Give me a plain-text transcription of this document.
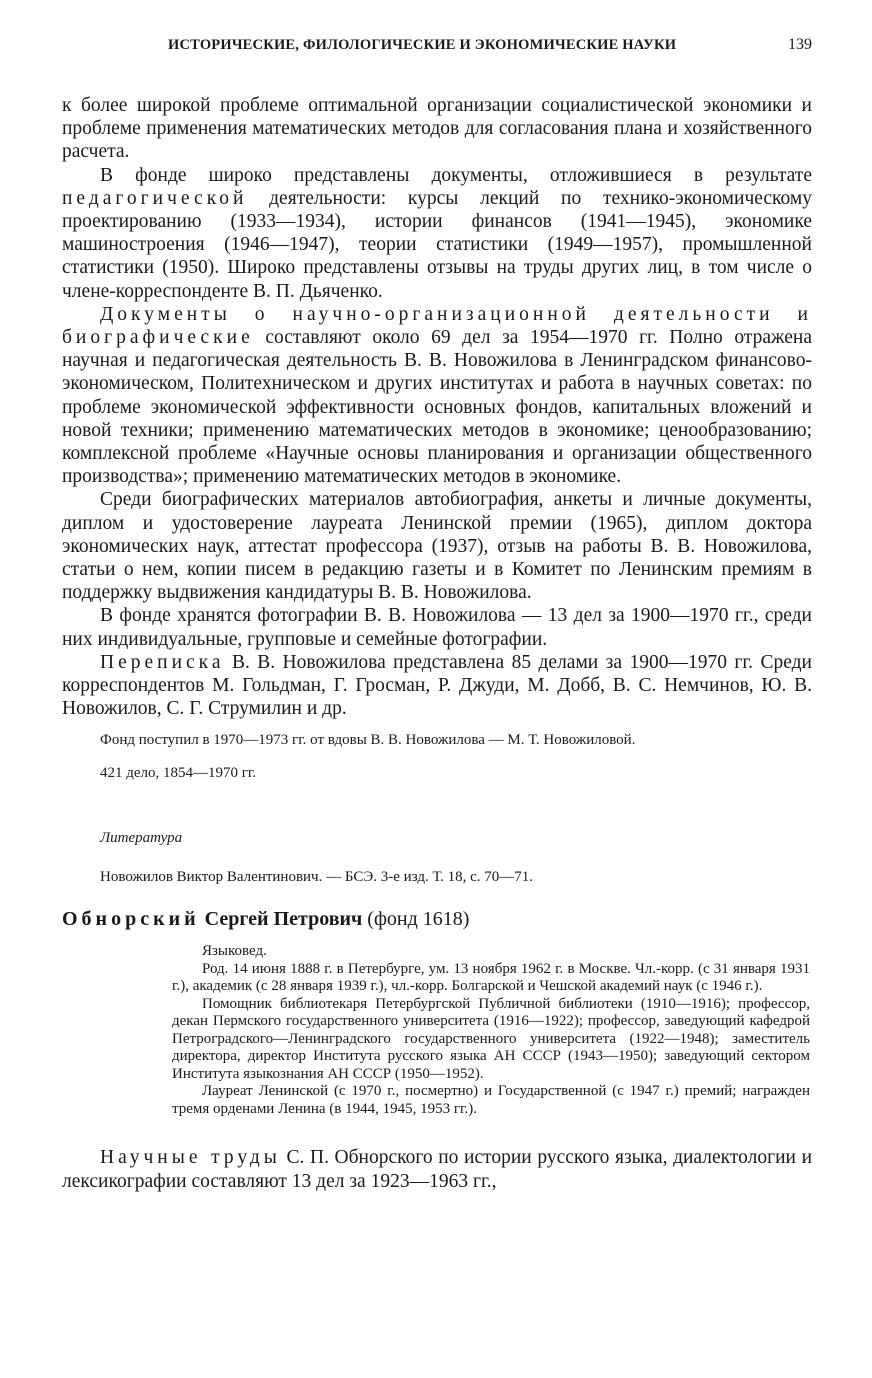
ИСТОРИЧЕСКИЕ, ФИЛОЛОГИЧЕСКИЕ И ЭКОНОМИЧЕСКИЕ НАУКИ	139

к более широкой проблеме оптимальной организации социалистической экономики и проблеме применения математических методов для согласования плана и хозяйственного расчета.

В фонде широко представлены документы, отложившиеся в результате педагогической деятельности: курсы лекций по технико-экономическому проектированию (1933—1934), истории финансов (1941—1945), экономике машиностроения (1946—1947), теории статистики (1949—1957), промышленной статистики (1950). Широко представлены отзывы на труды других лиц, в том числе о члене-корреспонденте В. П. Дьяченко.

Документы о научно-организационной деятельности и биографические составляют около 69 дел за 1954—1970 гг. Полно отражена научная и педагогическая деятельность В. В. Новожилова в Ленинградском финансово-экономическом, Политехническом и других институтах и работа в научных советах: по проблеме экономической эффективности основных фондов, капитальных вложений и новой техники; применению математических методов в экономике; ценообразованию; комплексной проблеме «Научные основы планирования и организации общественного производства»; применению математических методов в экономике.

Среди биографических материалов автобиография, анкеты и личные документы, диплом и удостоверение лауреата Ленинской премии (1965), диплом доктора экономических наук, аттестат профессора (1937), отзыв на работы В. В. Новожилова, статьи о нем, копии писем в редакцию газеты и в Комитет по Ленинским премиям в поддержку выдвижения кандидатуры В. В. Новожилова.

В фонде хранятся фотографии В. В. Новожилова — 13 дел за 1900—1970 гг., среди них индивидуальные, групповые и семейные фотографии.

Переписка В. В. Новожилова представлена 85 делами за 1900—1970 гг. Среди корреспондентов М. Гольдман, Г. Гросман, Р. Джуди, М. Добб, В. С. Немчинов, Ю. В. Новожилов, С. Г. Струмилин и др.

Фонд поступил в 1970—1973 гг. от вдовы В. В. Новожилова — М. Т. Новожиловой.

421 дело, 1854—1970 гг.

Литература
Новожилов Виктор Валентинович. — БСЭ. 3-е изд. Т. 18, с. 70—71.
Обнорский Сергей Петрович (фонд 1618)

Языковед.

Род. 14 июня 1888 г. в Петербурге, ум. 13 ноября 1962 г. в Москве. Чл.-корр. (с 31 января 1931 г.), академик (с 28 января 1939 г.), чл.-корр. Болгарской и Чешской академий наук (с 1946 г.).

Помощник библиотекаря Петербургской Публичной библиотеки (1910—1916); профессор, декан Пермского государственного университета (1916—1922); профессор, заведующий кафедрой Петроградского—Ленинградского государственного университета (1922—1948); заместитель директора, директор Института русского языка АН СССР (1943—1950); заведующий сектором Института языкознания АН СССР (1950—1952).

Лауреат Ленинской (с 1970 г., посмертно) и Государственной (с 1947 г.) премий; награжден тремя орденами Ленина (в 1944, 1945, 1953 гг.).

Научные труды С. П. Обнорского по истории русского языка, диалектологии и лексикографии составляют 13 дел за 1923—1963 гг.,
